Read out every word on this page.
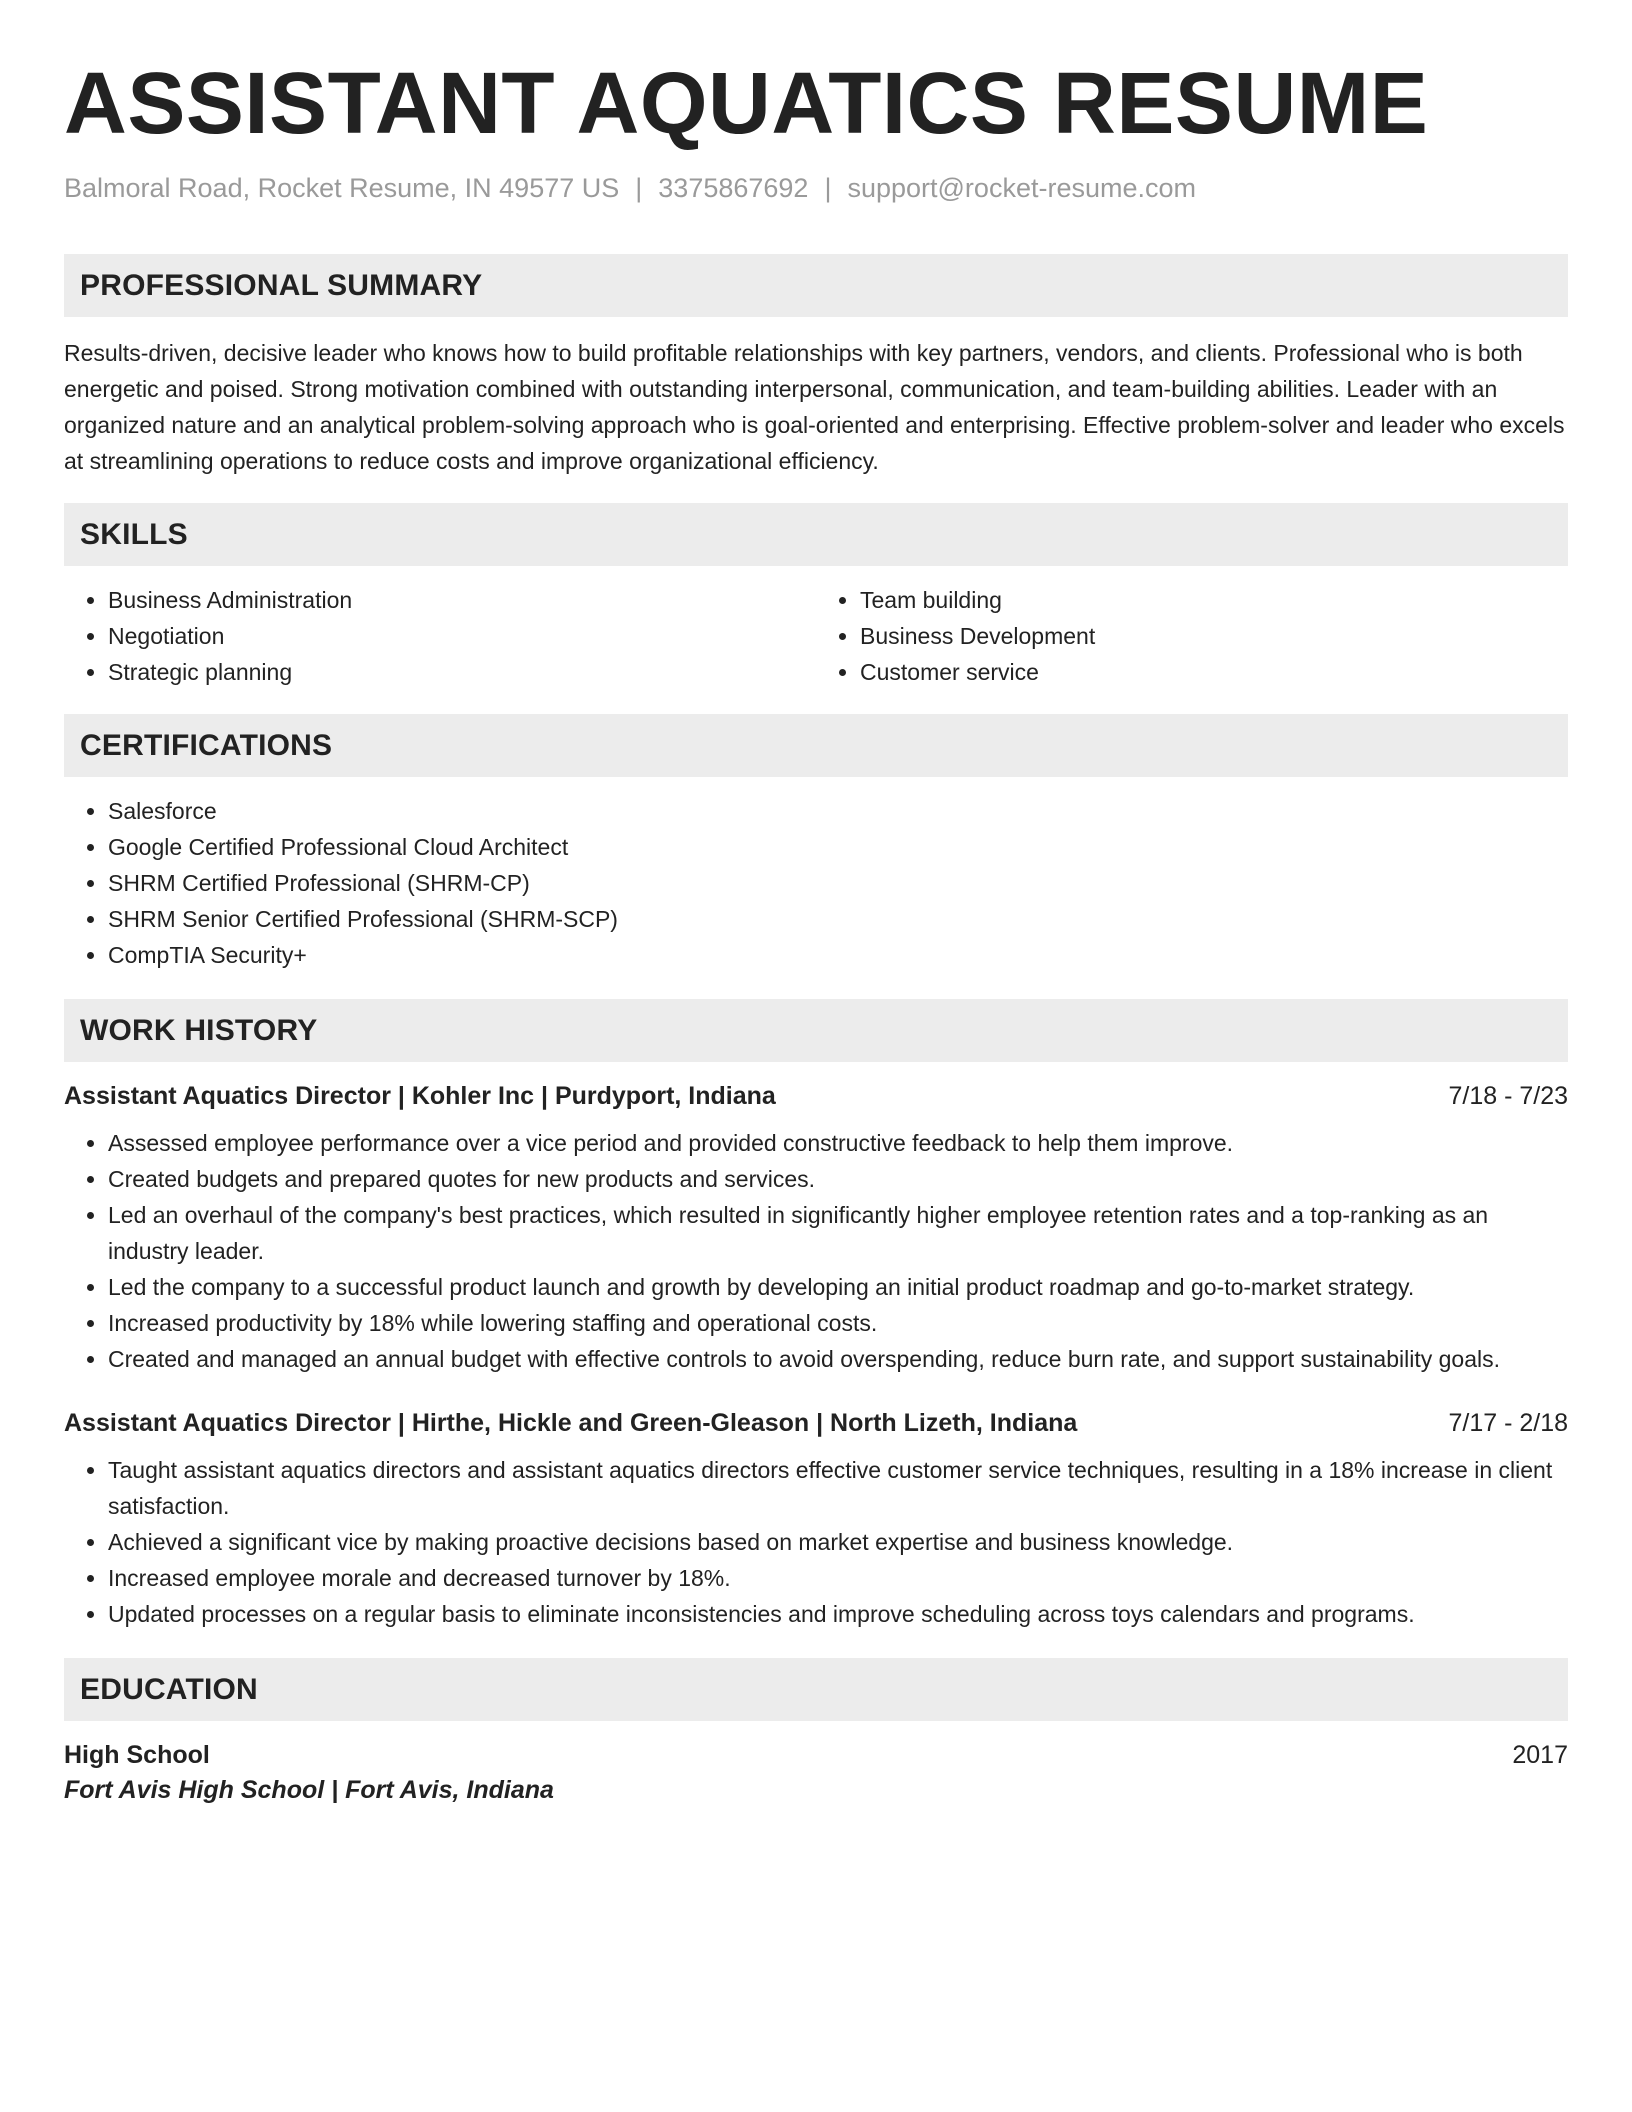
ASSISTANT AQUATICS RESUME
Balmoral Road, Rocket Resume, IN 49577 US | 3375867692 | support@rocket-resume.com
PROFESSIONAL SUMMARY

Results-driven, decisive leader who knows how to build profitable relationships with key partners, vendors, and clients. Professional who is both energetic and poised. Strong motivation combined with outstanding interpersonal, communication, and team-building abilities. Leader with an organized nature and an analytical problem-solving approach who is goal-oriented and enterprising. Effective problem-solver and leader who excels at streamlining operations to reduce costs and improve organizational efficiency.

SKILLS
• Business Administration
• Negotiation
• Strategic planning
• Team building
• Business Development
• Customer service
CERTIFICATIONS
• Salesforce
• Google Certified Professional Cloud Architect
• SHRM Certified Professional (SHRM-CP)
• SHRM Senior Certified Professional (SHRM-SCP)
• CompTIA Security+
WORK HISTORY
Assistant Aquatics Director | Kohler Inc | Purdyport, Indiana	7/18 - 7/23
• Assessed employee performance over a vice period and provided constructive feedback to help them improve.
• Created budgets and prepared quotes for new products and services.
• Led an overhaul of the company's best practices, which resulted in significantly higher employee retention rates and a top-ranking as an industry leader.
• Led the company to a successful product launch and growth by developing an initial product roadmap and go-to-market strategy.
• Increased productivity by 18% while lowering staffing and operational costs.
• Created and managed an annual budget with effective controls to avoid overspending, reduce burn rate, and support sustainability goals.
Assistant Aquatics Director | Hirthe, Hickle and Green-Gleason | North Lizeth, Indiana	7/17 - 2/18
• Taught assistant aquatics directors and assistant aquatics directors effective customer service techniques, resulting in a 18% increase in client satisfaction.
• Achieved a significant vice by making proactive decisions based on market expertise and business knowledge.
• Increased employee morale and decreased turnover by 18%.
• Updated processes on a regular basis to eliminate inconsistencies and improve scheduling across toys calendars and programs.
EDUCATION
High School	2017
Fort Avis High School | Fort Avis, Indiana
